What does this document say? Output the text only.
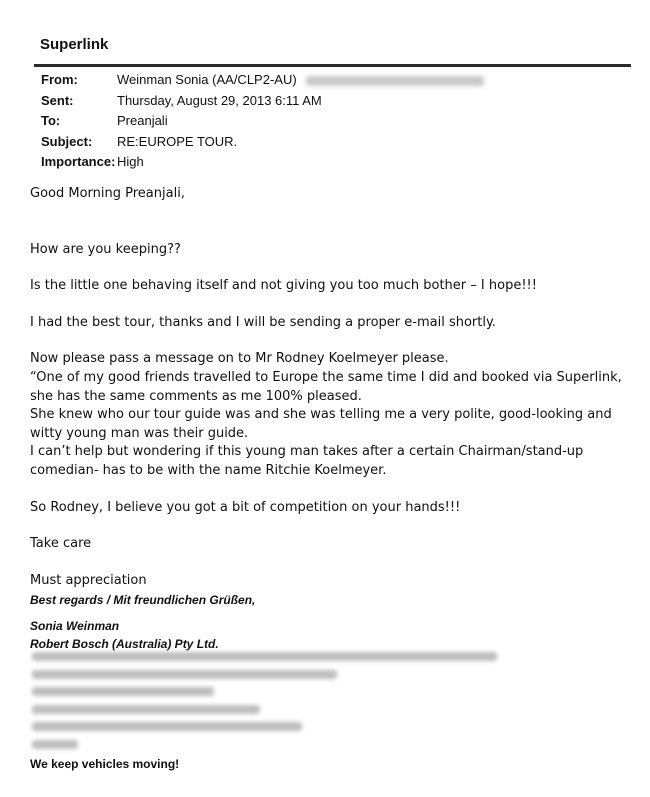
Superlink
From:	Weinman Sonia (AA/CLP2-AU)
Sent:	Thursday, August 29, 2013 6:11 AM
To:	Preanjali
Subject: RE:EUROPE TOUR.
Importance: High

Good Morning Preanjali,

How are you keeping??

Is the little one behaving itself and not giving you too much bother – I hope!!!

I had the best tour, thanks and I will be sending a proper e-mail shortly.

Now please pass a message on to Mr Rodney Koelmeyer please.

“One of my good friends travelled to Europe the same time I did and booked via Superlink, she has the same comments as me 100% pleased.

She knew who our tour guide was and she was telling me a very polite, good-looking and witty young man was their guide.

I can’t help but wondering if this young man takes after a certain Chairman/stand-up comedian- has to be with the name Ritchie Koelmeyer.

So Rodney, I believe you got a bit of competition on your hands!!!

Take care

Must appreciation

Best regards / Mit freundlichen Grüßen,
Sonia Weinman
Robert Bosch (Australia) Pty Ltd.
We keep vehicles moving!
